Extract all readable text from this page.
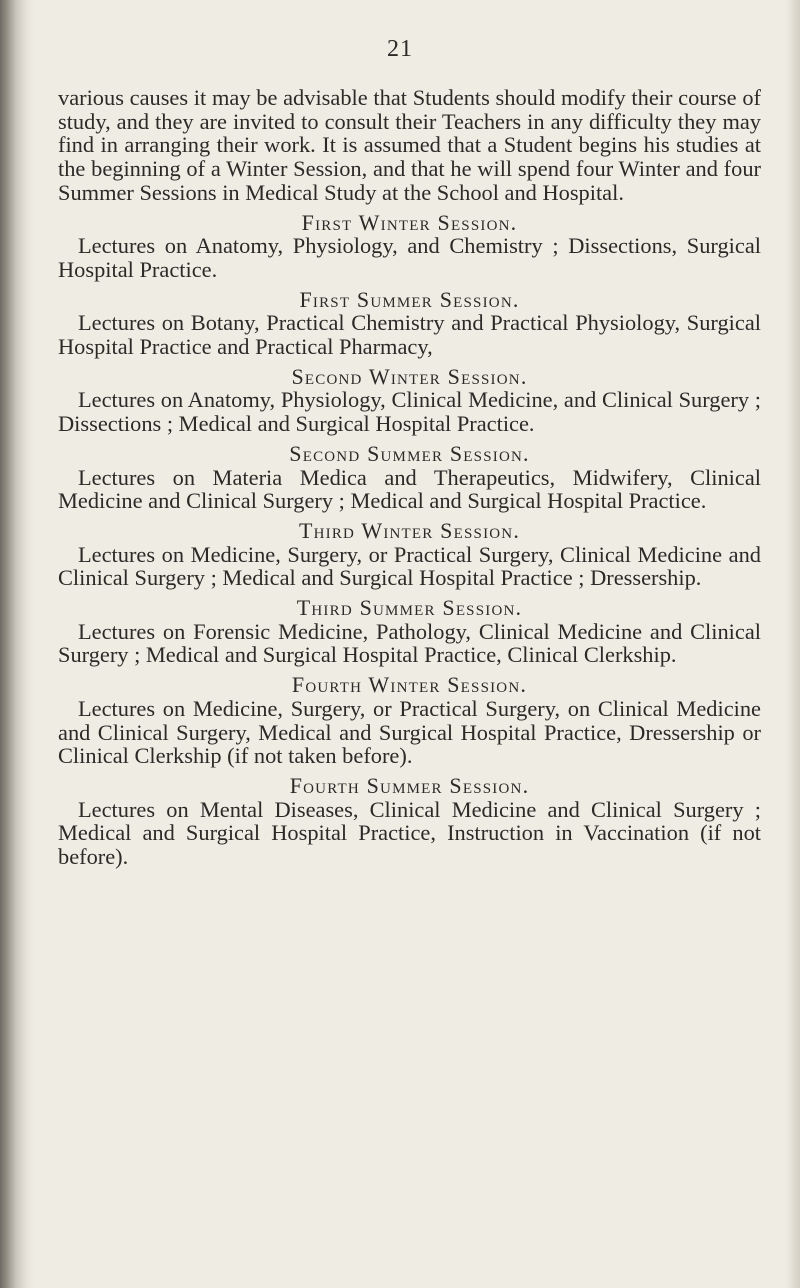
21

various causes it may be advisable that Students should modify their course of study, and they are invited to consult their Teachers in any difficulty they may find in arranging their work. It is assumed that a Student begins his studies at the beginning of a Winter Session, and that he will spend four Winter and four Summer Sessions in Medical Study at the School and Hospital.

First Winter Session.

Lectures on Anatomy, Physiology, and Chemistry ; Dissections, Surgical Hospital Practice.

First Summer Session.

Lectures on Botany, Practical Chemistry and Practical Physiology, Surgical Hospital Practice and Practical Pharmacy,

Second Winter Session.

Lectures on Anatomy, Physiology, Clinical Medicine, and Clinical Surgery ; Dissections ; Medical and Surgical Hospital Practice.

Second Summer Session.

Lectures on Materia Medica and Therapeutics, Midwifery, Clinical Medicine and Clinical Surgery ; Medical and Surgical Hospital Practice.

Third Winter Session.

Lectures on Medicine, Surgery, or Practical Surgery, Clinical Medicine and Clinical Surgery ; Medical and Surgical Hospital Practice ; Dressership.

Third Summer Session.

Lectures on Forensic Medicine, Pathology, Clinical Medicine and Clinical Surgery ; Medical and Surgical Hospital Practice, Clinical Clerkship.

Fourth Winter Session.

Lectures on Medicine, Surgery, or Practical Surgery, on Clinical Medicine and Clinical Surgery, Medical and Surgical Hospital Practice, Dressership or Clinical Clerkship (if not taken before).

Fourth Summer Session.

Lectures on Mental Diseases, Clinical Medicine and Clinical Surgery ; Medical and Surgical Hospital Practice, Instruction in Vaccination (if not before).
